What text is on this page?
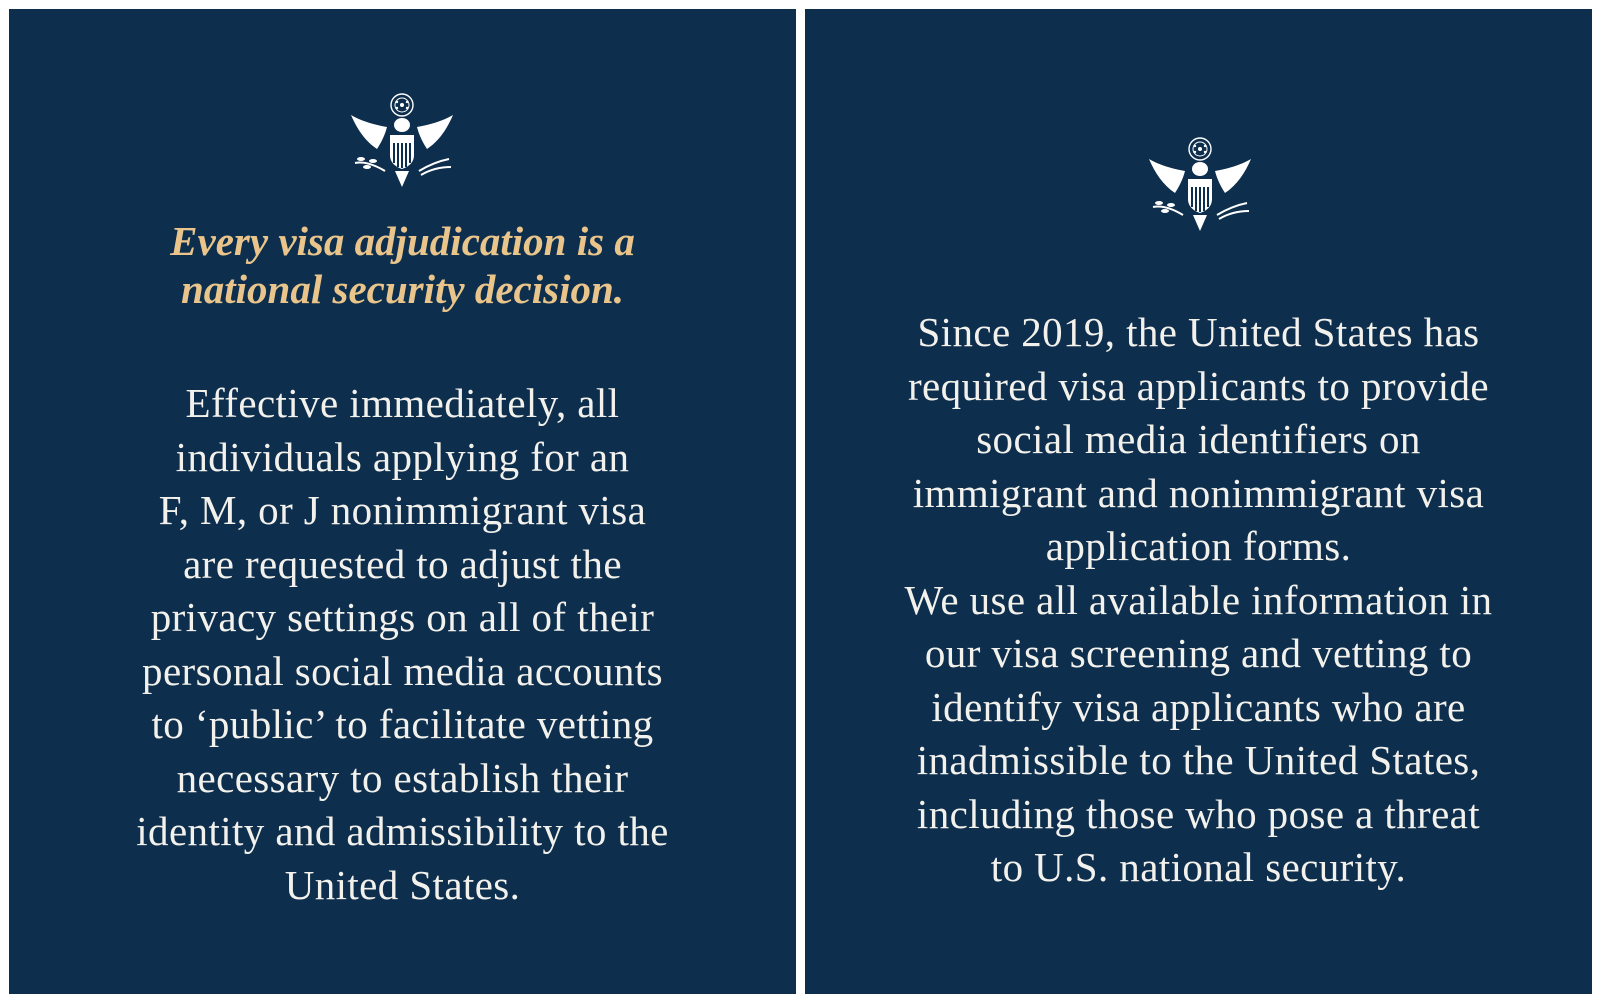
Every visa adjudication is a
national security decision.
Effective immediately, all
individuals applying for an
F, M, or J nonimmigrant visa
are requested to adjust the
privacy settings on all of their
personal social media accounts
to ‘public’ to facilitate vetting
necessary to establish their
identity and admissibility to the
United States.
Since 2019, the United States has
required visa applicants to provide
social media identifiers on
immigrant and nonimmigrant visa
application forms.
We use all available information in
our visa screening and vetting to
identify visa applicants who are
inadmissible to the United States,
including those who pose a threat
to U.S. national security.
